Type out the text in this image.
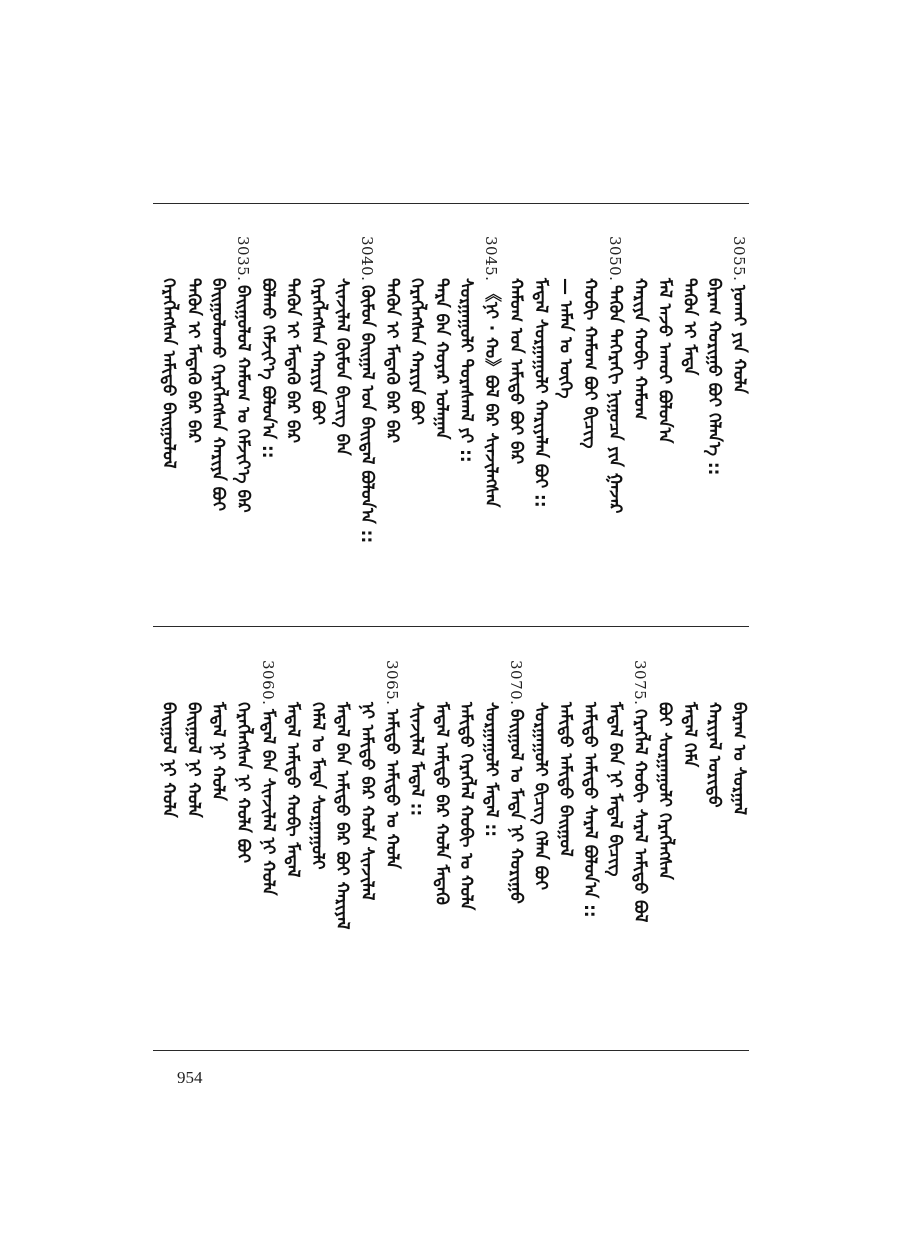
3055.
ᠨᠣᠬᠠᠢ ᠶᠢᠨ ᠬᠤᠯᠠ
ᠪᠠᠷᠠᠭ ᠬᠣᠷᠢᠭᠤ ᠪᠤᠢ ᠬᠡᠯᠡᠨ᠎ᠡ ::
ᠲᠡᠭᠦᠨ ᠢ ᠮᠡᠳᠡ
ᠮᠠᠯ ᠠᠵᠤ ᠠᠬᠤᠢ ᠪᠤᠯᠤᠨ᠎ᠠ
ᠬᠠᠷᠢᠶᠠ ᠬᠤᠪᠢ ᠬᠠᠮᠤᠭ
3050.
ᠲᠡᠭᠦᠨ ᠳᠡᠭᠡᠷᠡᠬᠢ ᠨᠢᠭᠤᠴᠠ ᠶᠢᠨ ᠭᠠᠵᠠᠷ
ᠬᠤᠪᠢ ᠬᠠᠮᠤᠭ ᠪᠤᠢ ᠪᠢᠴᠢᠭ
— ᠠᠮᠠᠨ ᠤ ᠦᠭᠡ
ᠮᠡᠳᠡᠯ ᠰᠤᠷᠭᠠᠭᠤᠯᠢ ᠬᠠᠷᠢᠶᠠᠯᠠᠨ ᠪᠤᠢ ::
ᠬᠠᠮᠤᠭ ᠤᠨ ᠠᠮᠢᠳᠤ ᠪᠤᠢ ᠪᠡᠷ
3045.
《ᠨᠢ · ᠬᠤ》ᠪᠤᠯ ᠪᠡᠷ ᠰᠢᠨᠵᠢᠯᠡᠭᠰᠡᠨ
ᠰᠤᠷᠭᠠᠭᠤᠯᠢ ᠳᠤᠷᠠᠰᠬᠠᠯ ᠶᠢ ::
ᠲᠡᠷᠡ ᠪᠠᠨ ᠬᠣᠶᠠᠷ ᠤᠯᠠᠭᠠᠨ
ᠬᠡᠷᠡᠭᠯᠡᠭᠰᠡᠨ ᠬᠠᠷᠢᠶᠠ ᠪᠤᠢ
ᠲᠡᠭᠦᠨ ᠢ ᠮᠡᠳᠡᠬᠦ ᠪᠡᠷ ᠪᠡᠷ
3040.
ᠬᠦᠮᠦᠨ ᠪᠠᠢᠭᠠᠯ ᠤᠨ ᠪᠠᠢᠳᠠᠯ ᠪᠤᠯᠤᠨ᠎ᠠ ::
ᠰᠢᠨᠵᠢᠯᠡᠯ ᠬᠦᠮᠦᠨ ᠪᠢᠴᠢᠭ ᠪᠠᠨ
ᠬᠡᠷᠡᠭᠯᠡᠭᠰᠡᠨ ᠬᠠᠷᠢᠶᠠ ᠪᠤᠢ
ᠲᠡᠭᠦᠨ ᠢ ᠮᠡᠳᠡᠬᠦ ᠪᠡᠷ ᠪᠡᠷ
ᠪᠤᠯᠬᠤ ᠬᠡᠮᠵᠢᠶ᠎ᠡ ᠪᠤᠯᠤᠨ᠎ᠠ ::
3035.
ᠪᠠᠢᠭᠤᠯᠤᠯ ᠬᠠᠮᠤᠭ ᠤ ᠬᠡᠮᠵᠢᠶ᠎ᠡ ᠪᠡᠷ
ᠪᠠᠢᠭᠤᠯᠤᠬᠤ ᠬᠡᠷᠡᠭᠯᠡᠭᠰᠡᠨ ᠬᠠᠷᠢᠶᠠ ᠪᠤᠢ
ᠲᠡᠭᠦᠨ ᠢ ᠮᠡᠳᠡᠬᠦ ᠪᠡᠷ ᠪᠡᠷ
ᠬᠡᠷᠡᠭᠯᠡᠭᠰᠡᠨ ᠠᠮᠢᠳᠤ ᠪᠠᠢᠭᠤᠯᠤᠯ
ᠪᠠᠷᠠᠭ ᠤ ᠰᠤᠷᠭᠠᠯ
ᠬᠠᠷᠢᠶᠠᠯ ᠤᠷᠢᠳᠤ
ᠮᠡᠳᠡᠯ ᠬᠡᠮᠡ
ᠪᠤᠢ ᠰᠤᠷᠭᠠᠭᠤᠯᠢ ᠬᠡᠷᠡᠭᠯᠡᠭᠰᠡᠨ
3075.
ᠬᠡᠷᠡᠭᠯᠡᠯ ᠬᠤᠪᠢ ᠰᠠᠷᠠᠯ ᠠᠮᠢᠳᠤ ᠪᠤᠯ
ᠮᠡᠳᠡᠯ ᠪᠠᠨ ᠨᠢ ᠮᠡᠳᠡᠯ ᠪᠢᠴᠢᠭ
ᠠᠮᠢᠳᠤ ᠠᠮᠢᠳᠤ ᠰᠠᠷᠠᠯ ᠪᠤᠯᠤᠨ᠎ᠠ ::
ᠠᠮᠢᠳᠤ ᠠᠮᠢᠳᠤ ᠪᠠᠢᠭᠤᠯ
ᠰᠤᠷᠭᠠᠭᠤᠯᠢ ᠪᠢᠴᠢᠭ ᠬᠡᠯᠡᠨ ᠪᠤᠢ
3070.
ᠪᠠᠢᠭᠤᠯ ᠤ ᠮᠡᠳᠡ ᠨᠢ ᠬᠣᠷᠢᠭᠤ
ᠰᠤᠷᠭᠠᠭᠤᠯᠢ ᠮᠡᠳᠡᠯ ::
ᠠᠮᠢᠳᠤ ᠬᠡᠷᠡᠭᠯᠡᠯ ᠬᠤᠪᠢ ᠤ ᠬᠤᠯᠠ
ᠮᠡᠳᠡᠯ ᠠᠮᠢᠳᠤ ᠪᠡᠷ ᠬᠤᠯᠠ ᠮᠡᠳᠡᠬᠦ
ᠰᠢᠨᠵᠢᠯᠡᠯ ᠮᠡᠳᠡᠯ ::
3065.
ᠠᠮᠢᠳᠤ ᠠᠮᠢᠳᠤ ᠤ ᠬᠤᠯᠠ
ᠨᠢ ᠠᠮᠢᠳᠤ ᠪᠡᠷ ᠬᠤᠯᠠ ᠰᠢᠨᠵᠢᠯᠡᠯ
ᠮᠡᠳᠡᠯ ᠪᠠᠨ ᠠᠮᠢᠳᠤ ᠪᠡᠷ ᠪᠤᠢ ᠬᠠᠷᠢᠶᠠᠯ
ᠬᠡᠮᠡᠯ ᠤ ᠮᠡᠳᠡ ᠰᠤᠷᠭᠠᠭᠤᠯᠢ
ᠮᠡᠳᠡᠯ ᠠᠮᠢᠳᠤ ᠬᠤᠪᠢ ᠮᠡᠳᠡᠯ
3060.
ᠮᠡᠳᠡᠯ ᠪᠠᠨ ᠰᠢᠨᠵᠢᠯᠡᠯ ᠨᠢ ᠬᠤᠯᠠ
ᠬᠡᠷᠡᠭᠯᠡᠭᠰᠡᠨ ᠨᠢ ᠬᠤᠯᠠ ᠪᠤᠢ
ᠮᠡᠳᠡᠯ ᠨᠢ ᠬᠤᠯᠠ
ᠪᠠᠢᠭᠤᠯ ᠨᠢ ᠬᠤᠯᠠ
ᠪᠠᠢᠭᠤᠯ ᠨᠢ ᠬᠤᠯᠠ
954
